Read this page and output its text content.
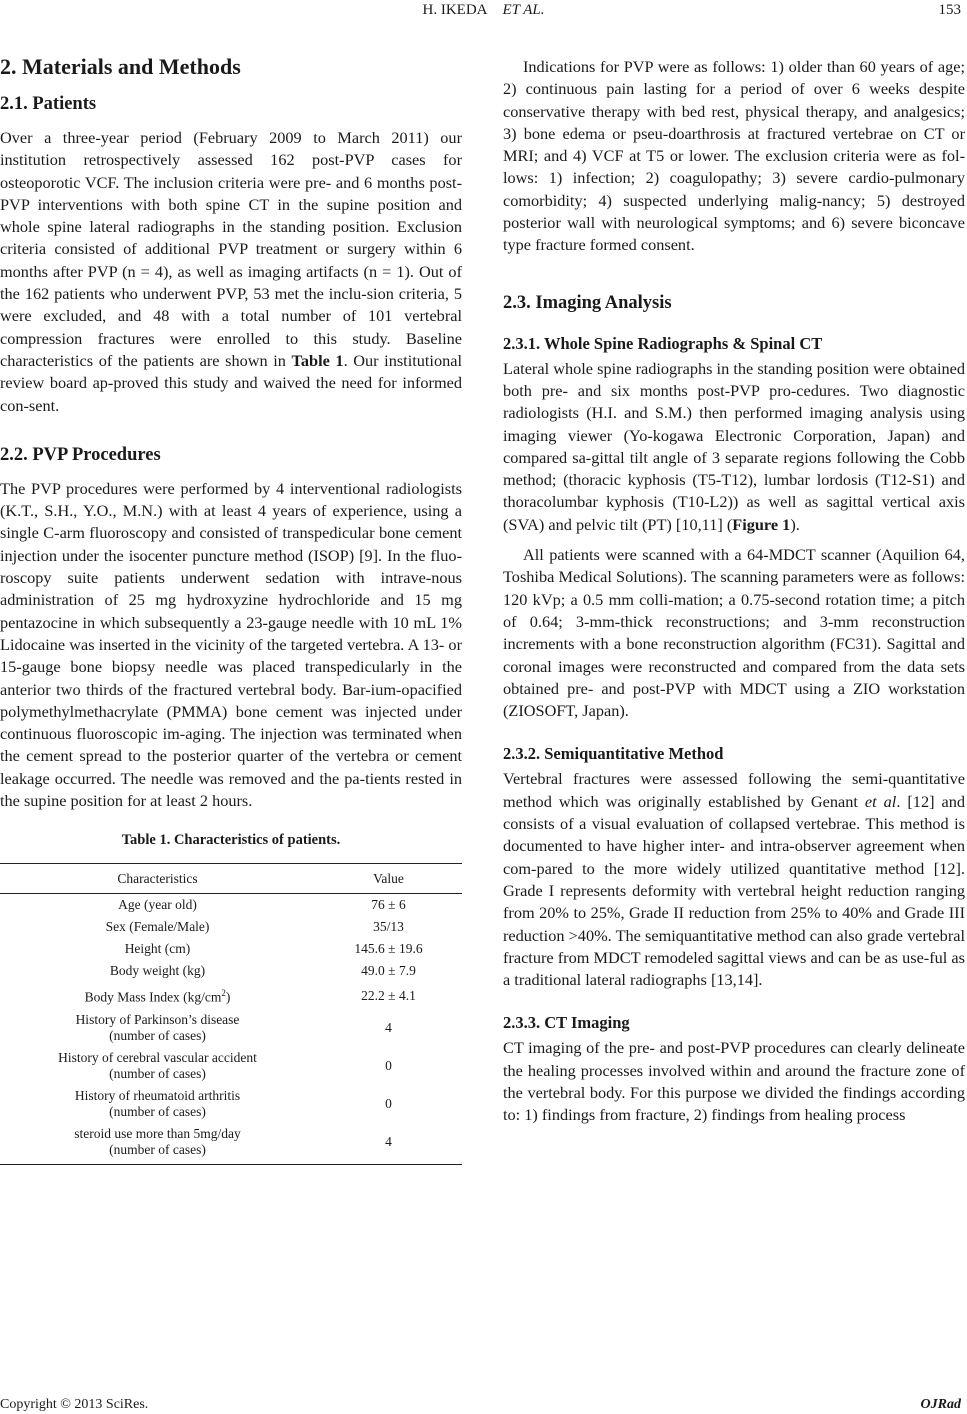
H. IKEDA ET AL.	153
2. Materials and Methods
2.1. Patients

Over a three-year period (February 2009 to March 2011) our institution retrospectively assessed 162 post-PVP cases for osteoporotic VCF. The inclusion criteria were pre- and 6 months post-PVP interventions with both spine CT in the supine position and whole spine lateral radiographs in the standing position. Exclusion criteria consisted of additional PVP treatment or surgery within 6 months after PVP (n = 4), as well as imaging artifacts (n = 1). Out of the 162 patients who underwent PVP, 53 met the inclu-sion criteria, 5 were excluded, and 48 with a total number of 101 vertebral compression fractures were enrolled to this study. Baseline characteristics of the patients are shown in Table 1. Our institutional review board ap-proved this study and waived the need for informed con-sent.

2.2. PVP Procedures

The PVP procedures were performed by 4 interventional radiologists (K.T., S.H., Y.O., M.N.) with at least 4 years of experience, using a single C-arm fluoroscopy and consisted of transpedicular bone cement injection under the isocenter puncture method (ISOP) [9]. In the fluo-roscopy suite patients underwent sedation with intrave-nous administration of 25 mg hydroxyzine hydrochloride and 15 mg pentazocine in which subsequently a 23-gauge needle with 10 mL 1% Lidocaine was inserted in the vicinity of the targeted vertebra. A 13- or 15-gauge bone biopsy needle was placed transpedicularly in the anterior two thirds of the fractured vertebral body. Bar-ium-opacified polymethylmethacrylate (PMMA) bone cement was injected under continuous fluoroscopic im-aging. The injection was terminated when the cement spread to the posterior quarter of the vertebra or cement leakage occurred. The needle was removed and the pa-tients rested in the supine position for at least 2 hours.

Table 1. Characteristics of patients.
Characteristics	Value
Age (year old)	76 ± 6
Sex (Female/Male)	35/13
Height (cm)	145.6 ± 19.6
Body weight (kg)	49.0 ± 7.9
Body Mass Index $(kg/cm^2)$	22.2 ± 4.1
History of Parkinson’s disease
(number of cases)	4
History of cerebral vascular accident
(number of cases)	0
History of rheumatoid arthritis
(number of cases)	0
steroid use more than 5mg/day
(number of cases)	4

Indications for PVP were as follows: 1) older than 60 years of age; 2) continuous pain lasting for a period of over 6 weeks despite conservative therapy with bed rest, physical therapy, and analgesics; 3) bone edema or pseu-doarthrosis at fractured vertebrae on CT or MRI; and 4) VCF at T5 or lower. The exclusion criteria were as fol-lows: 1) infection; 2) coagulopathy; 3) severe cardio-pulmonary comorbidity; 4) suspected underlying malig-nancy; 5) destroyed posterior wall with neurological symptoms; and 6) severe biconcave type fracture formed consent.

2.3. Imaging Analysis
2.3.1. Whole Spine Radiographs & Spinal CT

Lateral whole spine radiographs in the standing position were obtained both pre- and six months post-PVP pro-cedures. Two diagnostic radiologists (H.I. and S.M.) then performed imaging analysis using imaging viewer (Yo-kogawa Electronic Corporation, Japan) and compared sa-gittal tilt angle of 3 separate regions following the Cobb method; (thoracic kyphosis (T5-T12), lumbar lordosis (T12-S1) and thoracolumbar kyphosis (T10-L2)) as well as sagittal vertical axis (SVA) and pelvic tilt (PT) [10,11] (Figure 1).

All patients were scanned with a 64-MDCT scanner (Aquilion 64, Toshiba Medical Solutions). The scanning parameters were as follows: 120 kVp; a 0.5 mm colli-mation; a 0.75-second rotation time; a pitch of 0.64; 3-mm-thick reconstructions; and 3-mm reconstruction increments with a bone reconstruction algorithm (FC31). Sagittal and coronal images were reconstructed and compared from the data sets obtained pre- and post-PVP with MDCT using a ZIO workstation (ZIOSOFT, Japan).

2.3.2. Semiquantitative Method

Vertebral fractures were assessed following the semi-quantitative method which was originally established by Genant et al. [12] and consists of a visual evaluation of collapsed vertebrae. This method is documented to have higher inter- and intra-observer agreement when com-pared to the more widely utilized quantitative method [12]. Grade I represents deformity with vertebral height reduction ranging from 20% to 25%, Grade II reduction from 25% to 40% and Grade III reduction >40%. The semiquantitative method can also grade vertebral fracture from MDCT remodeled sagittal views and can be as use-ful as a traditional lateral radiographs [13,14].

2.3.3. CT Imaging

CT imaging of the pre- and post-PVP procedures can clearly delineate the healing processes involved within and around the fracture zone of the vertebral body. For this purpose we divided the findings according to: 1) findings from fracture, 2) findings from healing process

Copyright © 2013 SciRes.	OJRad
